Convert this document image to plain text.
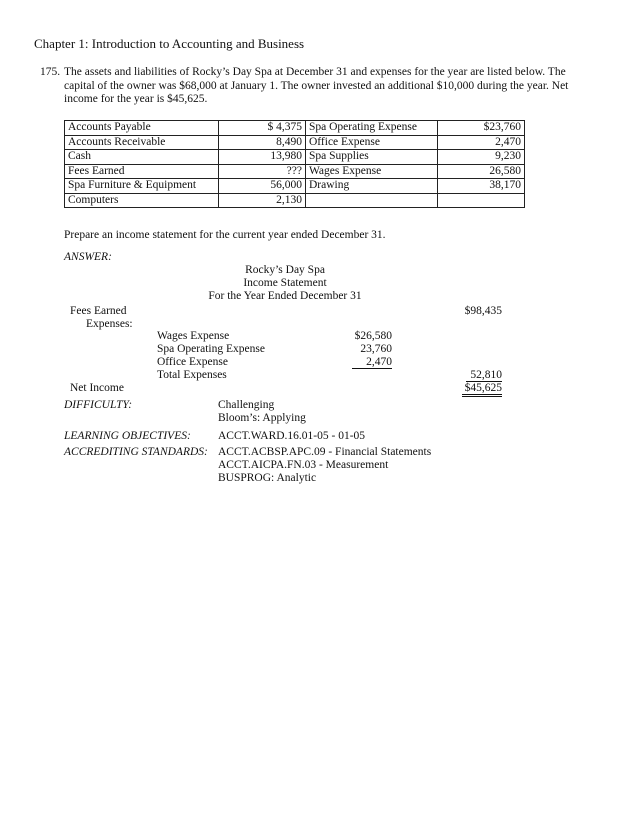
Chapter 1: Introduction to Accounting and Business
175. The assets and liabilities of Rocky’s Day Spa at December 31 and expenses for the year are listed below. The capital of the owner was $68,000 at January 1. The owner invested an additional $10,000 during the year. Net income for the year is $45,625.
Accounts Payable	$ 4,375	Spa Operating Expense	$23,760
Accounts Receivable	8,490	Office Expense	2,470
Cash	13,980	Spa Supplies	9,230
Fees Earned	???	Wages Expense	26,580
Spa Furniture & Equipment	56,000	Drawing	38,170
Computers	2,130		
Prepare an income statement for the current year ended December 31.
ANSWER:
Rocky’s Day Spa
Income Statement
For the Year Ended December 31
Fees Earned	$98,435
Expenses:
Wages Expense	$26,580
Spa Operating Expense	23,760
Office Expense	2,470
Total Expenses	52,810
Net Income	$45,625
DIFFICULTY:	Challenging
Bloom’s: Applying
LEARNING OBJECTIVES: ACCT.WARD.16.01-05 - 01-05
ACCREDITING STANDARDS: ACCT.ACBSP.APC.09 - Financial Statements
ACCT.AICPA.FN.03 - Measurement
BUSPROG: Analytic
